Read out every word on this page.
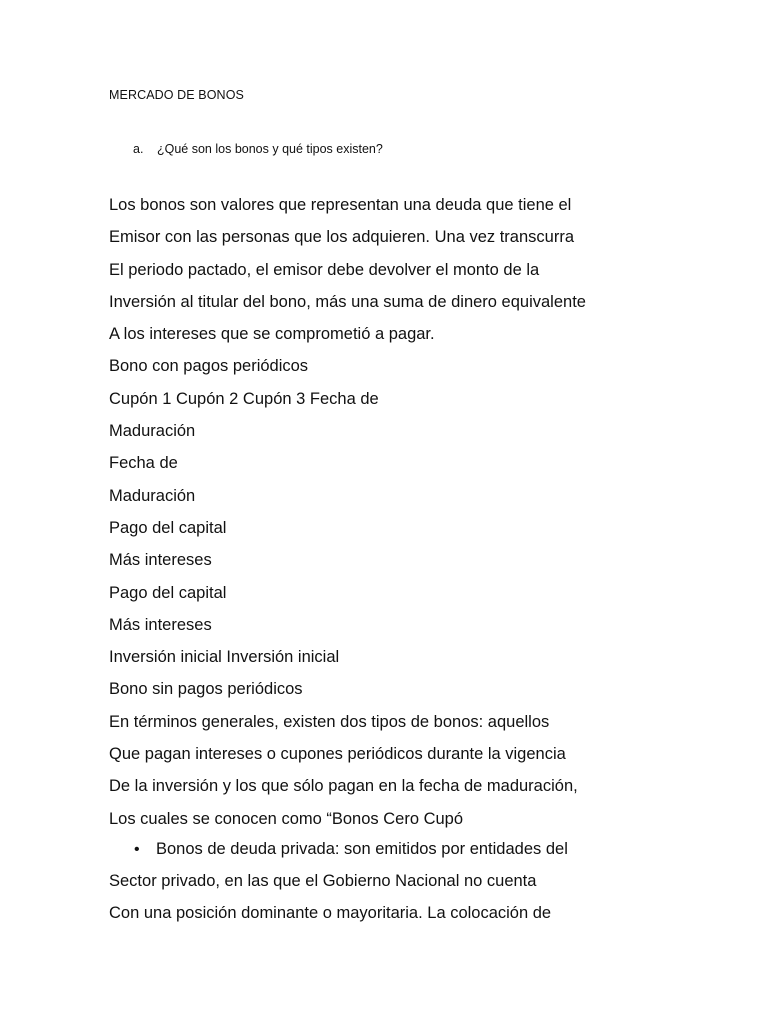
MERCADO DE BONOS
a. ¿Qué son los bonos y qué tipos existen?
Los bonos son valores que representan una deuda que tiene el
Emisor con las personas que los adquieren. Una vez transcurra
El periodo pactado, el emisor debe devolver el monto de la
Inversión al titular del bono, más una suma de dinero equivalente
A los intereses que se comprometió a pagar.
Bono con pagos periódicos
Cupón 1 Cupón 2 Cupón 3 Fecha de
Maduración
Fecha de
Maduración
Pago del capital
Más intereses
Pago del capital
Más intereses
Inversión inicial Inversión inicial
Bono sin pagos periódicos
En términos generales, existen dos tipos de bonos: aquellos
Que pagan intereses o cupones periódicos durante la vigencia
De la inversión y los que sólo pagan en la fecha de maduración,
Los cuales se conocen como “Bonos Cero Cupó
• Bonos de deuda privada: son emitidos por entidades del
Sector privado, en las que el Gobierno Nacional no cuenta
Con una posición dominante o mayoritaria. La colocación de
